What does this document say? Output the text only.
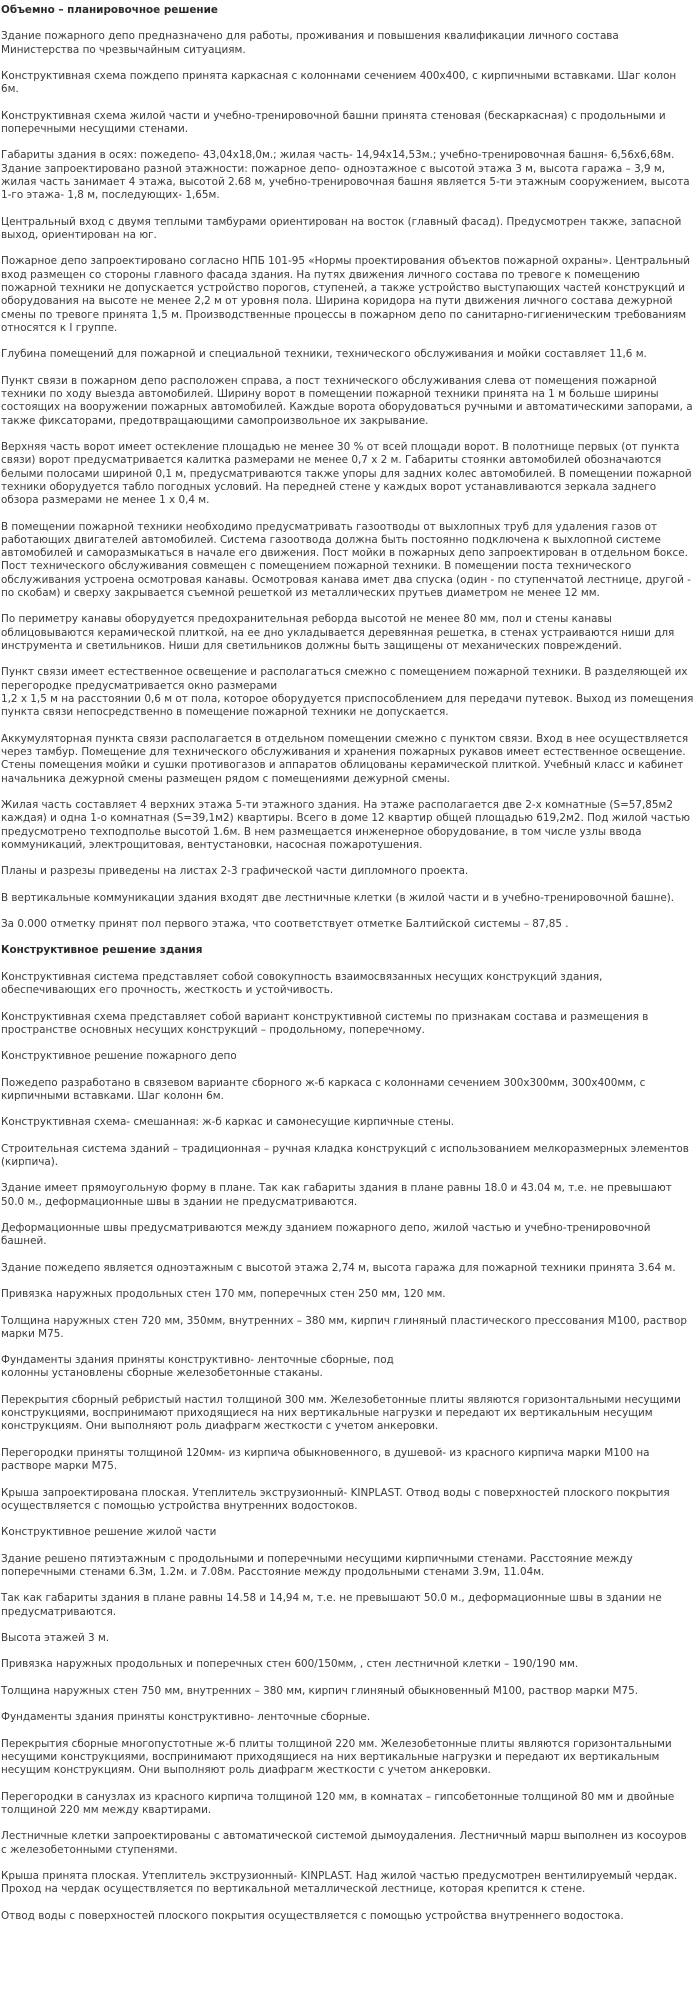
Объемно – планировочное решение

Здание пожарного депо предназначено для работы, проживания и повышения квалификации личного состава Министерства по чрезвычайным ситуациям.

Конструктивная схема пождепо принята каркасная с колоннами сечением 400х400, с кирпичными вставками. Шаг колон 6м.

Конструктивная схема жилой части и учебно-тренировочной башни принята стеновая (бескаркасная) с продольными и поперечными несущими стенами.

Габариты здания в осях: пожедепо- 43,04х18,0м.; жилая часть- 14,94х14,53м.; учебно-тренировочная башня- 6,56х6,68м. Здание запроектировано разной этажности: пожарное депо- одноэтажное с высотой этажа 3 м, высота гаража – 3,9 м, жилая часть занимает 4 этажа, высотой 2.68 м, учебно-тренировочная башня является 5-ти этажным сооружением, высота 1-го этажа- 1,8 м, последующих- 1,65м.

Центральный вход с двумя теплыми тамбурами ориентирован на восток (главный фасад). Предусмотрен также, запасной выход, ориентирован на юг.

Пожарное депо запроектировано согласно НПБ 101-95 «Нормы проектирования объектов пожарной охраны». Центральный вход размещен со стороны главного фасада здания. На путях движения личного состава по тревоге к помещению пожарной техники не допускается устройство порогов, ступеней, а также устройство выступающих частей конструкций и оборудования на высоте не менее 2,2 м от уровня пола. Ширина коридора на пути движения личного состава дежурной смены по тревоге принята 1,5 м. Производственные процессы в пожарном депо по санитарно-гигиеническим требованиям относятся к I группе.

Глубина помещений для пожарной и специальной техники, технического обслуживания и мойки составляет 11,6 м.

Пункт связи в пожарном депо расположен справа, а пост технического обслуживания слева от помещения пожарной техники по ходу выезда автомобилей. Ширину ворот в помещении пожарной техники принята на 1 м больше ширины состоящих на вооружении пожарных автомобилей. Каждые ворота оборудоваться ручными и автоматическими запорами, а также фиксаторами, предотвращающими самопроизвольное их закрывание.

Верхняя часть ворот имеет остекление площадью не менее 30 % от всей площади ворот. В полотнище первых (от пункта связи) ворот предусматривается калитка размерами не менее 0,7 х 2 м. Габариты стоянки автомобилей обозначаются белыми полосами шириной 0,1 м, предусматриваются также упоры для задних колес автомобилей. В помещении пожарной техники оборудуется табло погодных условий. На передней стене у каждых ворот устанавливаются зеркала заднего обзора размерами не менее 1 х 0,4 м.

В помещении пожарной техники необходимо предусматривать газоотводы от выхлопных труб для удаления газов от работающих двигателей автомобилей. Система газоотвода должна быть постоянно подключена к выхлопной системе автомобилей и саморазмыкаться в начале его движения. Пост мойки в пожарных депо запроектирован в отдельном боксе. Пост технического обслуживания совмещен с помещением пожарной техники. В помещении поста технического обслуживания устроена осмотровая канавы. Осмотровая канава имет два спуска (один - по ступенчатой лестнице, другой - по скобам) и сверху закрывается съемной решеткой из металлических прутьев диаметром не менее 12 мм.

По периметру канавы оборудуется предохранительная реборда высотой не менее 80 мм, пол и стены канавы облицовываются керамической плиткой, на ее дно укладывается деревянная решетка, в стенах устраиваются ниши для инструмента и светильников. Ниши для светильников должны быть защищены от механических повреждений.

Пункт связи имеет естественное освещение и располагаться смежно с помещением пожарной техники. В разделяющей их перегородке предусматривается окно размерами
1,2 х 1,5 м на расстоянии 0,6 м от пола, которое оборудуется приспособлением для передачи путевок. Выход из помещения пункта связи непосредственно в помещение пожарной техники не допускается.

Аккумуляторная пункта связи располагается в отдельном помещении смежно с пунктом связи. Вход в нее осуществляется через тамбур. Помещение для технического обслуживания и хранения пожарных рукавов имеет естественное освещение. Стены помещения мойки и сушки противогазов и аппаратов облицованы керамической плиткой. Учебный класс и кабинет начальника дежурной смены размещен рядом с помещениями дежурной смены.

Жилая часть составляет 4 верхних этажа 5-ти этажного здания. На этаже располагается две 2-х комнатные (S=57,85м2 каждая) и одна 1-о комнатная (S=39,1м2) квартиры. Всего в доме 12 квартир общей площадью 619,2м2. Под жилой частью предусмотрено техподполье высотой 1.6м. В нем размещается инженерное оборудование, в том числе узлы ввода коммуникаций, электрощитовая, вентустановки, насосная пожаротушения.

Планы и разрезы приведены на листах 2-3 графической части дипломного проекта.

В вертикальные коммуникации здания входят две лестничные клетки (в жилой части и в учебно-тренировочной башне).

За 0.000 отметку принят пол первого этажа, что соответствует отметке Балтийской системы – 87,85 .

Конструктивное решение здания

Конструктивная система представляет собой совокупность взаимосвязанных несущих конструкций здания, обеспечивающих его прочность, жесткость и устойчивость.

Конструктивная схема представляет собой вариант конструктивной системы по признакам состава и размещения в пространстве основных несущих конструкций – продольному, поперечному.

Конструктивное решение пожарного депо

Пожедепо разработано в связевом варианте сборного ж-б каркаса с колоннами сечением 300х300мм, 300х400мм, с кирпичными вставками. Шаг колонн 6м.

Конструктивная схема- смешанная: ж-б каркас и самонесущие кирпичные стены.

Строительная система зданий – традиционная – ручная кладка конструкций с использованием мелкоразмерных элементов (кирпича).

Здание имеет прямоугольную форму в плане. Так как габариты здания в плане равны 18.0 и 43.04 м, т.е. не превышают 50.0 м., деформационные швы в здании не предусматриваются.

Деформационные швы предусматриваются между зданием пожарного депо, жилой частью и учебно-тренировочной башней.

Здание пожедепо является одноэтажным с высотой этажа 2,74 м, высота гаража для пожарной техники принята 3.64 м.

Привязка наружных продольных стен 170 мм, поперечных стен 250 мм, 120 мм.

Толщина наружных стен 720 мм, 350мм, внутренних – 380 мм, кирпич глиняный пластического прессования М100, раствор марки М75.

Фундаменты здания приняты конструктивно- ленточные сборные, под
колонны установлены сборные железобетонные стаканы.

Перекрытия сборный ребристый настил толщиной 300 мм. Железобетонные плиты являются горизонтальными несущими конструкциями, воспринимают приходящиеся на них вертикальные нагрузки и передают их вертикальным несущим конструкциям. Они выполняют роль диафрагм жесткости с учетом анкеровки.

Перегородки приняты толщиной 120мм- из кирпича обыкновенного, в душевой- из красного кирпича марки М100 на растворе марки М75.

Крыша запроектирована плоская. Утеплитель экструзионный- KINPLAST. Отвод воды с поверхностей плоского покрытия осуществляется с помощью устройства внутренних водостоков.

Конструктивное решение жилой части

Здание решено пятиэтажным с продольными и поперечными несущими кирпичными стенами. Расстояние между поперечными стенами 6.3м, 1.2м. и 7.08м. Расстояние между продольными стенами 3.9м, 11.04м.

Так как габариты здания в плане равны 14.58 и 14,94 м, т.е. не превышают 50.0 м., деформационные швы в здании не предусматриваются.

Высота этажей 3 м.

Привязка наружных продольных и поперечных стен 600/150мм, , стен лестничной клетки – 190/190 мм.

Толщина наружных стен 750 мм, внутренних – 380 мм, кирпич глиняный обыкновенный М100, раствор марки М75.

Фундаменты здания приняты конструктивно- ленточные сборные.

Перекрытия сборные многопустотные ж-б плиты толщиной 220 мм. Железобетонные плиты являются горизонтальными несущими конструкциями, воспринимают приходящиеся на них вертикальные нагрузки и передают их вертикальным несущим конструкциям. Они выполняют роль диафрагм жесткости с учетом анкеровки.

Перегородки в санузлах из красного кирпича толщиной 120 мм, в комнатах – гипсобетонные толщиной 80 мм и двойные толщиной 220 мм между квартирами.

Лестничные клетки запроектированы с автоматической системой дымоудаления. Лестничный марш выполнен из косоуров с железобетонными ступенями.

Крыша принята плоская. Утеплитель экструзионный- KINPLAST. Над жилой частью предусмотрен вентилируемый чердак. Проход на чердак осуществляется по вертикальной металлической лестнице, которая крепится к стене.

Отвод воды с поверхностей плоского покрытия осуществляется с помощью устройства внутреннего водостока.
